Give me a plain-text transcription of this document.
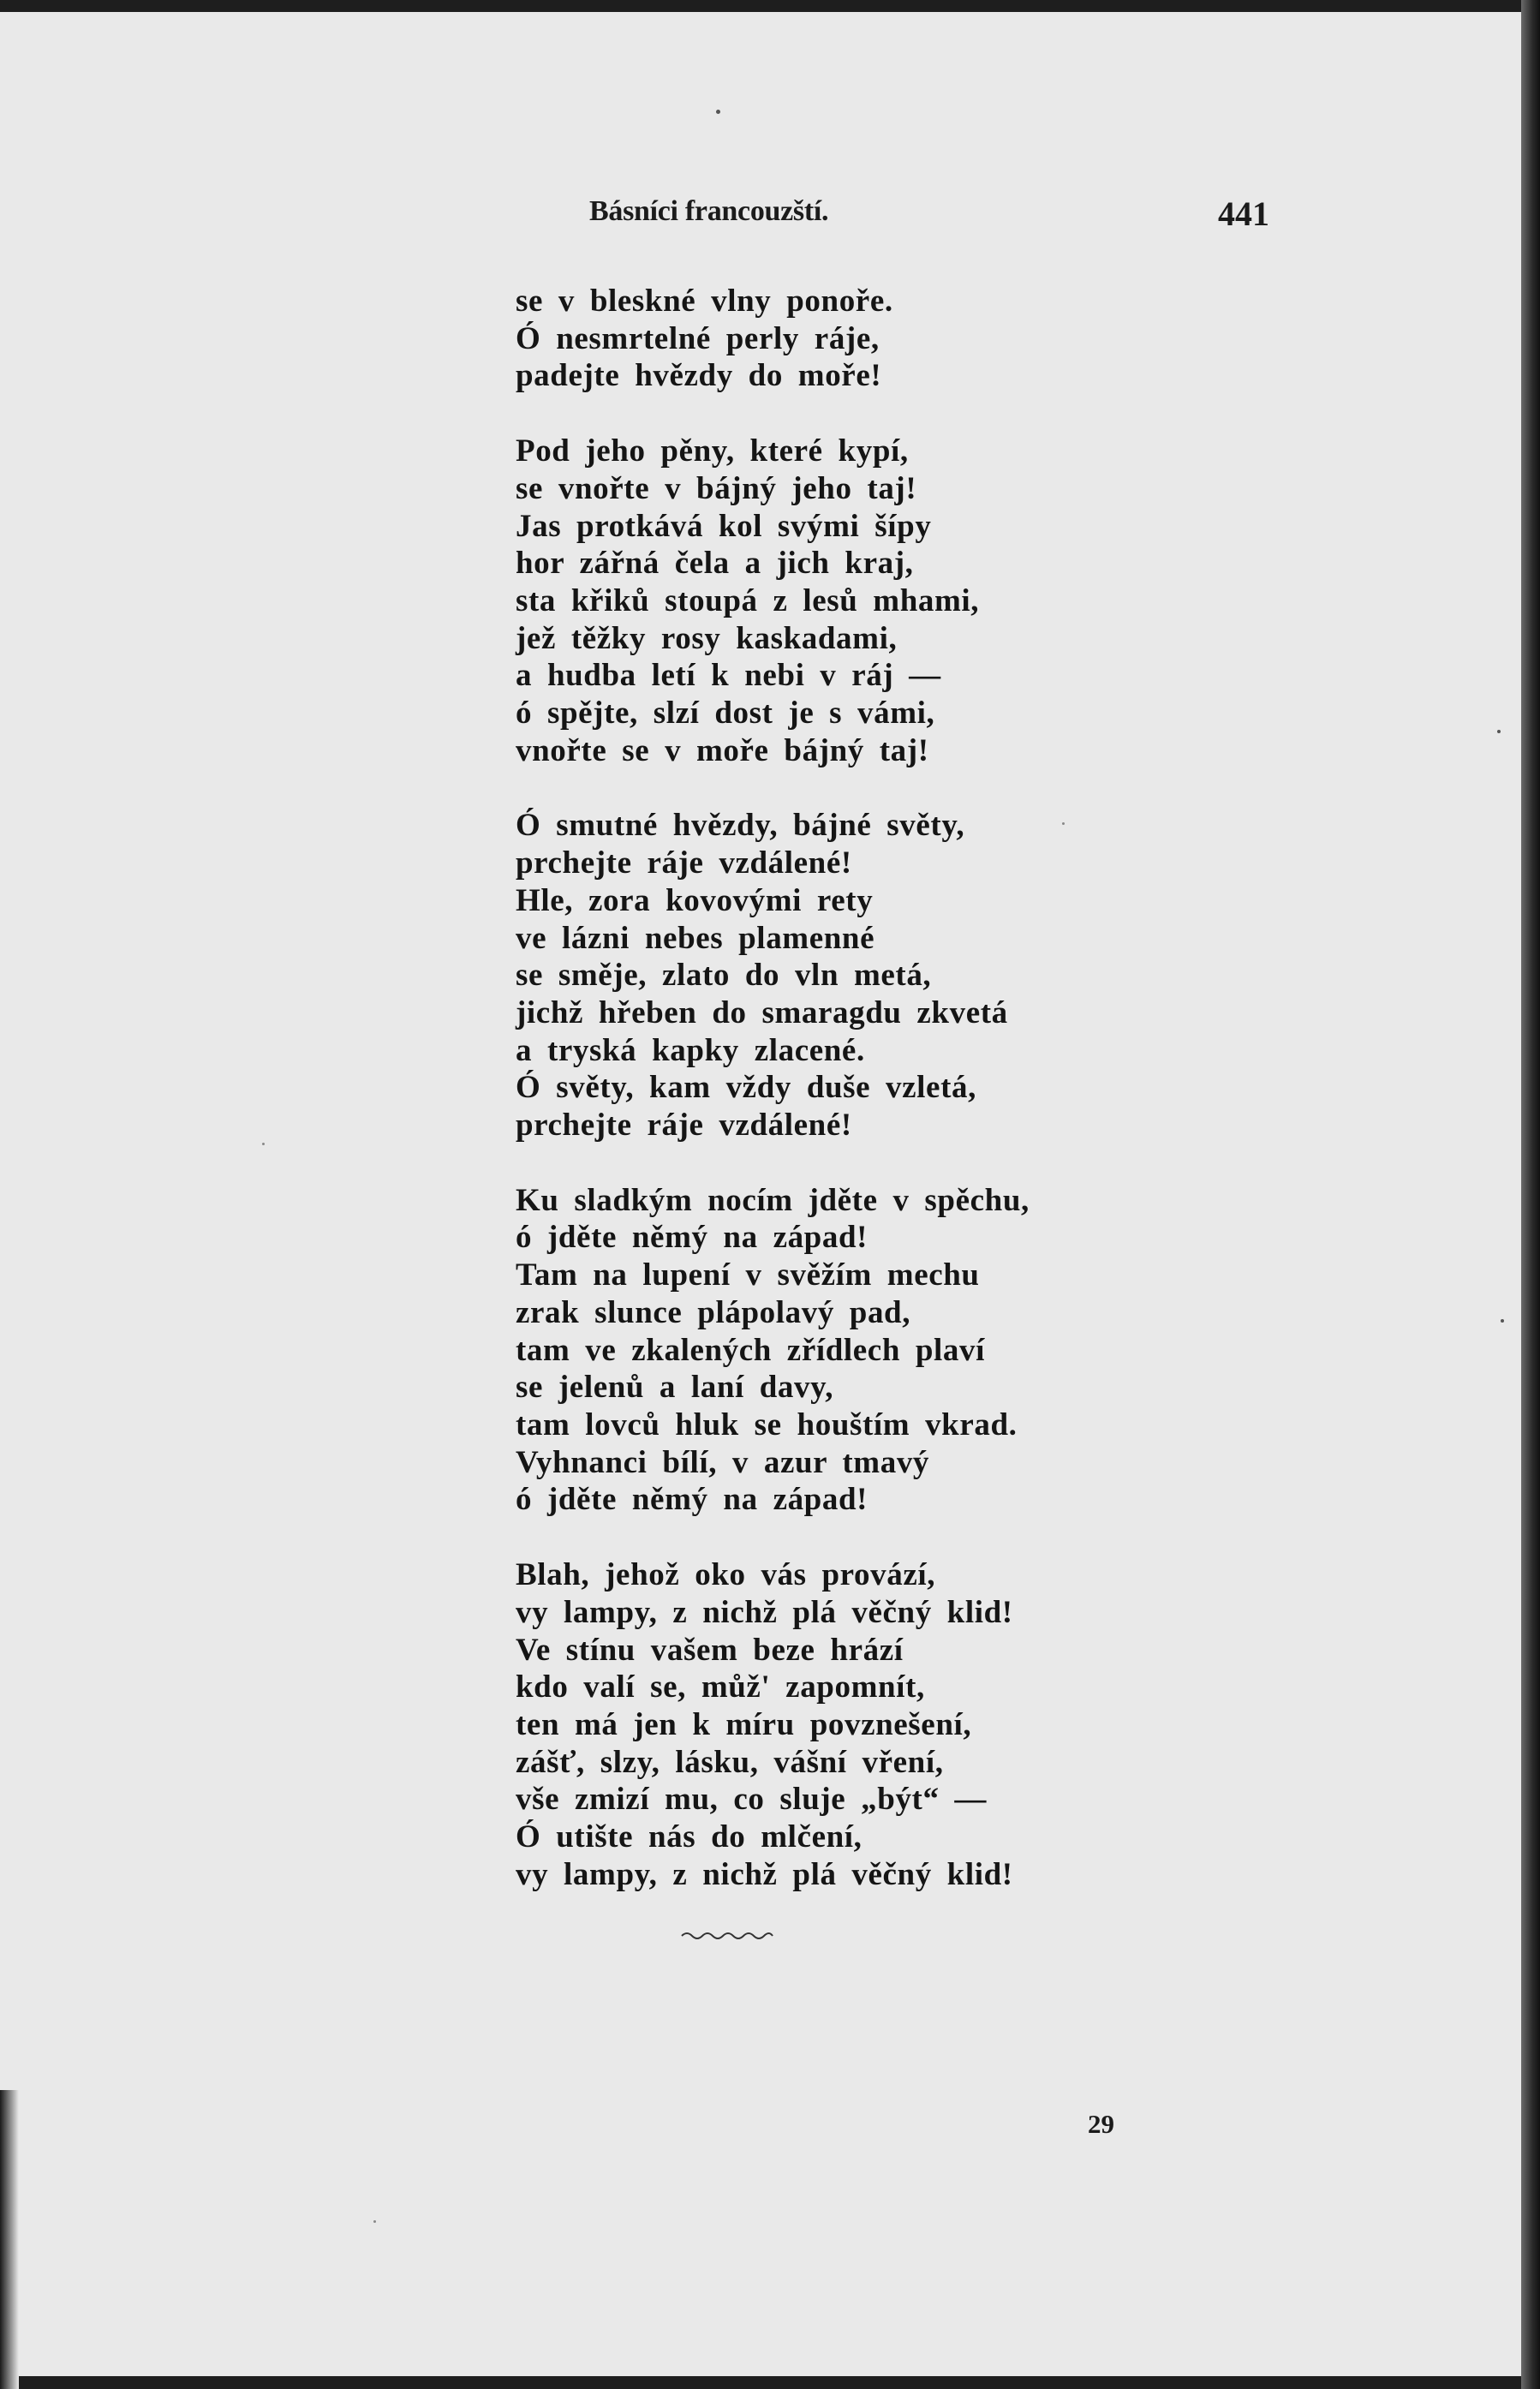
Básníci francouzští.	441
se v bleskné vlny ponoře.
Ó nesmrtelné perly ráje,
padejte hvězdy do moře!
Pod jeho pěny, které kypí,
se vnořte v bájný jeho taj!
Jas protkává kol svými šípy
hor zářná čela a jich kraj,
sta křiků stoupá z lesů mhami,
jež těžky rosy kaskadami,
a hudba letí k nebi v ráj —
ó spějte, slzí dost je s vámi,
vnořte se v moře bájný taj!
Ó smutné hvězdy, bájné světy,
prchejte ráje vzdálené!
Hle, zora kovovými rety
ve lázni nebes plamenné
se směje, zlato do vln metá,
jichž hřeben do smaragdu zkvetá
a tryská kapky zlacené.
Ó světy, kam vždy duše vzletá,
prchejte ráje vzdálené!
Ku sladkým nocím jděte v spěchu,
ó jděte němý na západ!
Tam na lupení v svěžím mechu
zrak slunce plápolavý pad,
tam ve zkalených zřídlech plaví
se jelenů a laní davy,
tam lovců hluk se houštím vkrad.
Vyhnanci bílí, v azur tmavý
ó jděte němý na západ!
Blah, jehož oko vás provází,
vy lampy, z nichž plá věčný klid!
Ve stínu vašem beze hrází
kdo valí se, můž' zapomnít,
ten má jen k míru povznešení,
zášť, slzy, lásku, vášní vření,
vše zmizí mu, co sluje „být“ —
Ó utište nás do mlčení,
vy lampy, z nichž plá věčný klid!
29
